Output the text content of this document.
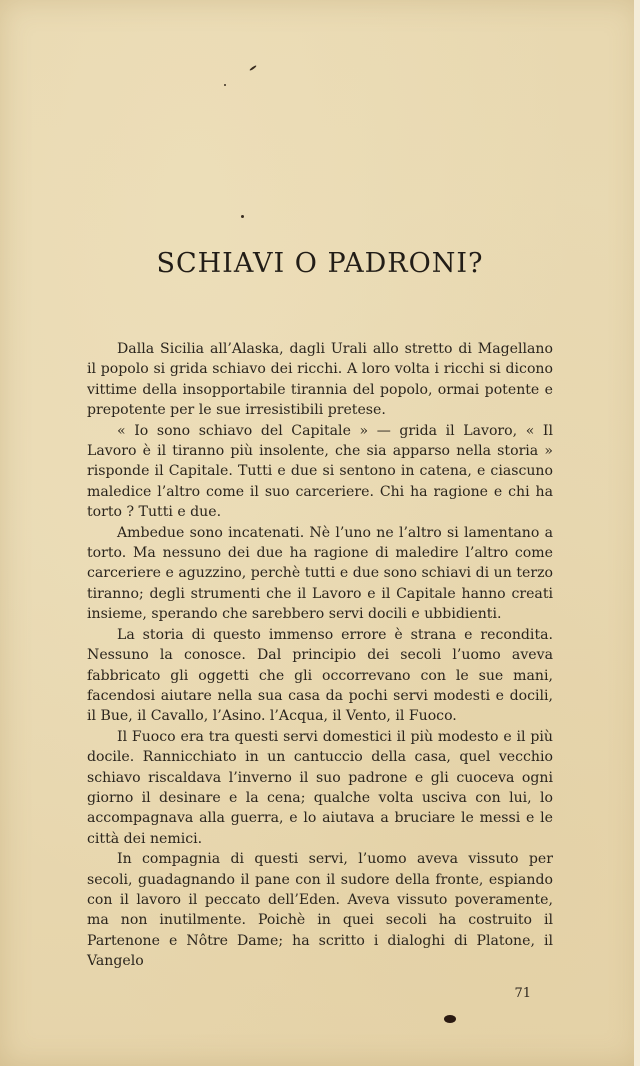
SCHIAVI O PADRONI?

Dalla Sicilia all’Alaska, dagli Urali allo stretto di Magellano il popolo si grida schiavo dei ricchi. A loro volta i ricchi si dicono vittime della insopportabile tirannia del popolo, ormai potente e prepotente per le sue irresistibili pretese.

« Io sono schiavo del Capitale » — grida il Lavoro, « Il Lavoro è il tiranno più insolente, che sia apparso nella storia » risponde il Capitale. Tutti e due si sentono in catena, e ciascuno maledice l’altro come il suo carceriere. Chi ha ragione e chi ha torto ? Tutti e due.

Ambedue sono incatenati. Nè l’uno ne l’altro si lamentano a torto. Ma nessuno dei due ha ragione di maledire l’altro come carceriere e aguzzino, perchè tutti e due sono schiavi di un terzo tiranno; degli strumenti che il Lavoro e il Capitale hanno creati insieme, sperando che sarebbero servi docili e ubbidienti.

La storia di questo immenso errore è strana e recondita. Nessuno la conosce. Dal principio dei secoli l’uomo aveva fabbricato gli oggetti che gli occorrevano con le sue mani, facendosi aiutare nella sua casa da pochi servi modesti e docili, il Bue, il Cavallo, l’Asino. l’Acqua, il Vento, il Fuoco.

Il Fuoco era tra questi servi domestici il più modesto e il più docile. Rannicchiato in un cantuccio della casa, quel vecchio schiavo riscaldava l’inverno il suo padrone e gli cuoceva ogni giorno il desinare e la cena; qualche volta usciva con lui, lo accompagnava alla guerra, e lo aiutava a bruciare le messi e le città dei nemici.

In compagnia di questi servi, l’uomo aveva vissuto per secoli, guadagnando il pane con il sudore della fronte, espiando con il lavoro il peccato dell’Eden. Aveva vissuto poveramente, ma non inutilmente. Poichè in quei secoli ha costruito il Partenone e Nôtre Dame; ha scritto i dialoghi di Platone, il Vangelo

71
